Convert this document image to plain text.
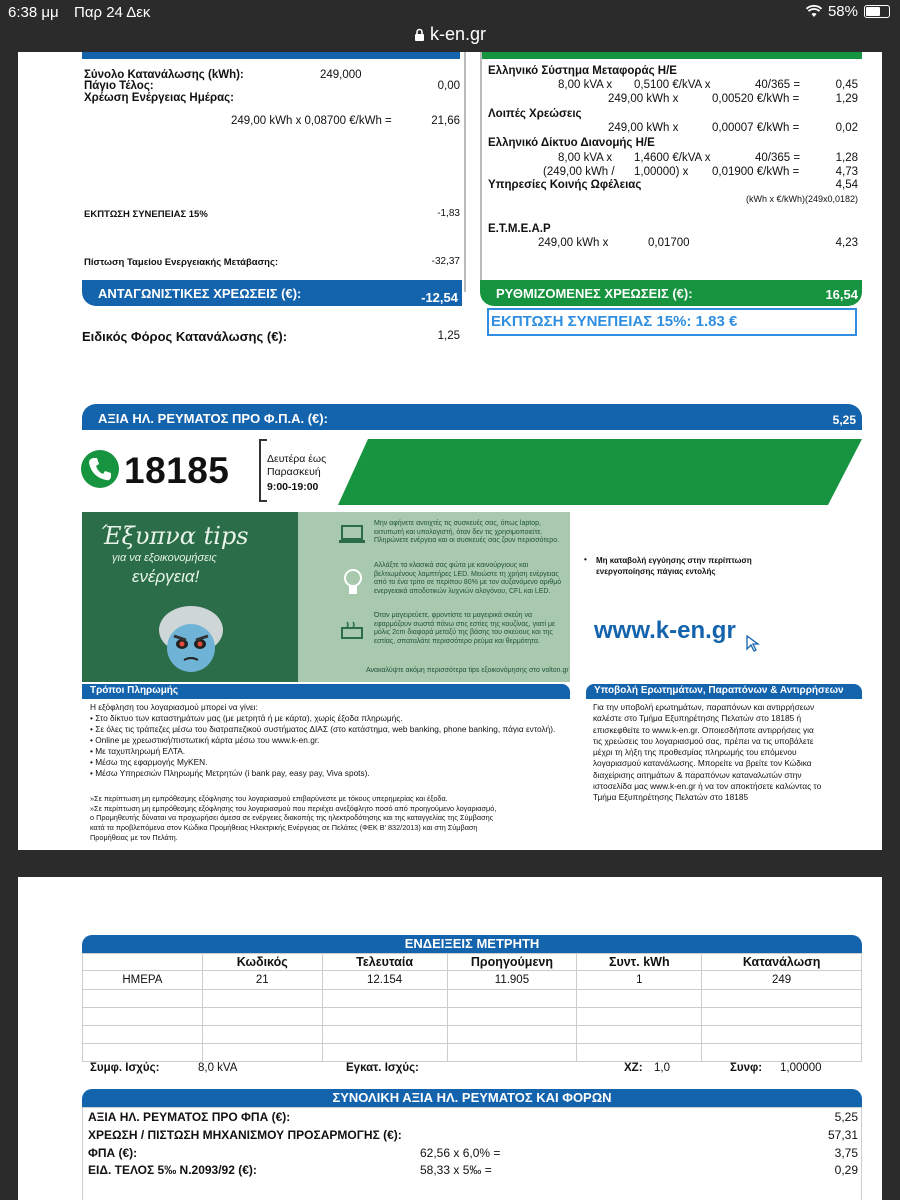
6:38 μμ Παρ 24 Δεκ	58%
k-en.gr
Σύνολο Κατανάλωσης (kWh):	249,000
Πάγιο Τέλος:	0,00
Χρέωση Ενέργειας Ημέρας:
249,00 kWh x 0,08700 €/kWh =	21,66
ΕΚΠΤΩΣΗ ΣΥΝΕΠΕΙΑΣ 15%	-1,83
Πίστωση Ταμείου Ενεργειακής Μετάβασης:	-32,37
ΑΝΤΑΓΩΝΙΣΤΙΚΕΣ ΧΡΕΩΣΕΙΣ (€):	-12,54
Ειδικός Φόρος Κατανάλωσης (€):	1,25
Ελληνικό Σύστημα Μεταφοράς Η/Ε
8,00 kVA x 0,5100 €/kVA x	40/365 =	0,45
249,00 kWh x	0,00520 €/kWh =	1,29
Λοιπές Χρεώσεις
249,00 kWh x	0,00007 €/kWh =	0,02
Ελληνικό Δίκτυο Διανομής Η/Ε
8,00 kVA x 1,4600 €/kVA x	40/365 =	1,28
(249,00 kWh / 1,00000) x 0,01900 €/kWh =	4,73
Υπηρεσίες Κοινής Ωφέλειας	4,54
(kWh x €/kWh)(249x0,0182)
Ε.Τ.Μ.Ε.Α.Ρ
249,00 kWh x	0,01700	4,23
ΡΥΘΜΙΖΟΜΕΝΕΣ ΧΡΕΩΣΕΙΣ (€):	16,54
ΕΚΠΤΩΣΗ ΣΥΝΕΠΕΙΑΣ 15%: 1.83 €
ΑΞΙΑ ΗΛ. ΡΕΥΜΑΤΟΣ ΠΡΟ Φ.Π.Α. (€):	5,25
18185	Δευτέρα έως
Παρασκευή
9:00-19:00
Έξυπνα tips
για να εξοικονομήσεις
ενέργεια!
Μην αφήνετε ανοιχτές τις συσκευές σας, όπως laptop, εκτυπωτή και υπολογιστή, όταν δεν τις χρησιμοποιείτε. Πληρώνετε ενέργεια και οι συσκευές σας ζουν περισσότερο.
Αλλάξτε τα κλασικά σας φώτα με καινούργιους και βελτιωμένους λαμπτήρες LED. Μειώστε τη χρήση ενέργειας από το ένα τρίτο σε περίπου 80% με τον αυξανόμενο αριθμό ενεργειακά αποδοτικών λυχνιών αλογόνου, CFL και LED.
Όταν μαγειρεύετε, φροντίστε τα μαγειρικά σκεύη να εφαρμόζουν σωστά πάνω στις εστίες της κουζίνας, γιατί με μόλις 2cm διαφορά μεταξύ της βάσης του σκεύους και της εστίας, σπαταλάτε περισσότερο ρεύμα και θερμότητα.
Ανακαλύψτε ακόμη περισσότερα tips εξοικονόμησης στο volton.gr
• Μη καταβολή εγγύησης στην περίπτωση ενεργοποίησης πάγιας εντολής
www.k-en.gr
Τρόποι Πληρωμής
Η εξόφληση του λογαριασμού μπορεί να γίνει:
• Στο δίκτυο των καταστημάτων μας (με μετρητά ή με κάρτα), χωρίς έξοδα πληρωμής.
• Σε όλες τις τράπεζες μέσω του διατραπεζικού συστήματος ΔΙΑΣ (στο κατάστημα, web banking, phone banking, πάγια εντολή).
• Online με χρεωστική/πιστωτική κάρτα μέσω του www.k-en.gr.
• Με ταχυπληρωμή ΕΛΤΑ.
• Μέσω της εφαρμογής MyKEN.
• Μέσω Υπηρεσιών Πληρωμής Μετρητών (i bank pay, easy pay, Viva spots).
»Σε περίπτωση μη εμπρόθεσμης εξόφλησης του λογαριασμού επιβαρύνεστε με τόκους υπερημερίας και έξοδα.
»Σε περίπτωση μη εμπρόθεσμης εξόφλησης του λογαριασμού που περιέχει ανεξόφλητο ποσό από προηγούμενο λογαριασμό,
ο Προμηθευτής δύναται να προχωρήσει άμεσα σε ενέργειες διακοπής της ηλεκτροδότησης και της καταγγελίας της Σύμβασης
κατά τα προβλεπόμενα στον Κώδικα Προμήθειας Ηλεκτρικής Ενέργειας σε Πελάτες (ΦΕΚ Β' 832/2013) και στη Σύμβαση
Προμήθειας με τον Πελάτη.
Υποβολή Ερωτημάτων, Παραπόνων & Αντιρρήσεων
Για την υποβολή ερωτημάτων, παραπόνων και αντιρρήσεων
καλέστε στο Τμήμα Εξυπηρέτησης Πελατών στο 18185 ή
επισκεφθείτε το www.k-en.gr. Οποιεσδήποτε αντιρρήσεις για
τις χρεώσεις του λογαριασμού σας, πρέπει να τις υποβάλετε
μέχρι τη λήξη της προθεσμίας πληρωμής του επόμενου
λογαριασμού κατανάλωσης. Μπορείτε να βρείτε τον Κώδικα
διαχείρισης αιτημάτων & παραπόνων καταναλωτών στην
ιστοσελίδα μας www.k-en.gr ή να τον αποκτήσετε καλώντας το
Τμήμα Εξυπηρέτησης Πελατών στο 18185
ΕΝΔΕΙΞΕΙΣ ΜΕΤΡΗΤΗ
	Κωδικός	Τελευταία	Προηγούμενη	Συντ. kWh	Κατανάλωση
ΗΜΕΡΑ	21	12.154	11.905	1	249

Συμφ. Ισχύς:	8,0 kVA	Εγκατ. Ισχύς:	ΧΖ: 1,0	Συνφ: 1,00000
ΣΥΝΟΛΙΚΗ ΑΞΙΑ ΗΛ. ΡΕΥΜΑΤΟΣ ΚΑΙ ΦΟΡΩΝ
ΑΞΙΑ ΗΛ. ΡΕΥΜΑΤΟΣ ΠΡΟ ΦΠΑ (€):	5,25
ΧΡΕΩΣΗ / ΠΙΣΤΩΣΗ ΜΗΧΑΝΙΣΜΟΥ ΠΡΟΣΑΡΜΟΓΗΣ (€):	57,31
ΦΠΑ (€):	62,56 x 6,0% =	3,75
ΕΙΔ. ΤΕΛΟΣ 5‰ Ν.2093/92 (€):	58,33 x 5‰ =	0,29
